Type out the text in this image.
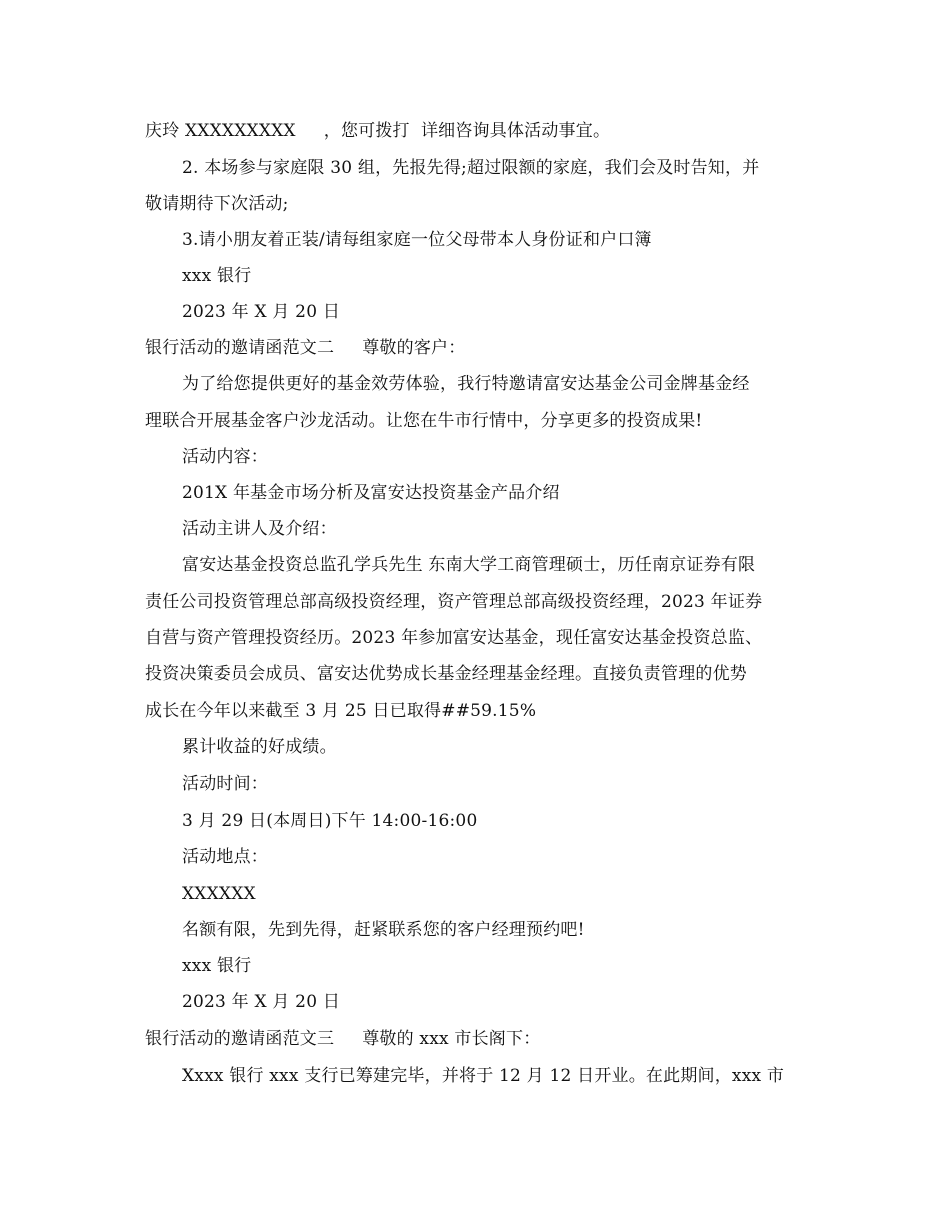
庆玲 XXXXXXXXX     ，您可拨打  详细咨询具体活动事宜。
2. 本场参与家庭限 30 组，先报先得;超过限额的家庭，我们会及时告知，并
敬请期待下次活动;
3.请小朋友着正装/请每组家庭一位父母带本人身份证和户口簿
xxx 银行
2023 年 X 月 20 日
银行活动的邀请函范文二     尊敬的客户：
为了给您提供更好的基金效劳体验，我行特邀请富安达基金公司金牌基金经
理联合开展基金客户沙龙活动。让您在牛市行情中，分享更多的投资成果!
活动内容：
201X 年基金市场分析及富安达投资基金产品介绍
活动主讲人及介绍：
富安达基金投资总监孔学兵先生 东南大学工商管理硕士，历任南京证券有限
责任公司投资管理总部高级投资经理，资产管理总部高级投资经理，2023 年证券
自营与资产管理投资经历。2023 年参加富安达基金，现任富安达基金投资总监、
投资决策委员会成员、富安达优势成长基金经理基金经理。直接负责管理的优势
成长在今年以来截至 3 月 25 日已取得##59.15%
累计收益的好成绩。
活动时间：
3 月 29 日(本周日)下午 14:00-16:00
活动地点：
XXXXXX
名额有限，先到先得，赶紧联系您的客户经理预约吧!
xxx 银行
2023 年 X 月 20 日
银行活动的邀请函范文三     尊敬的 xxx 市长阁下：
Xxxx 银行 xxx 支行已筹建完毕，并将于 12 月 12 日开业。在此期间，xxx 市
